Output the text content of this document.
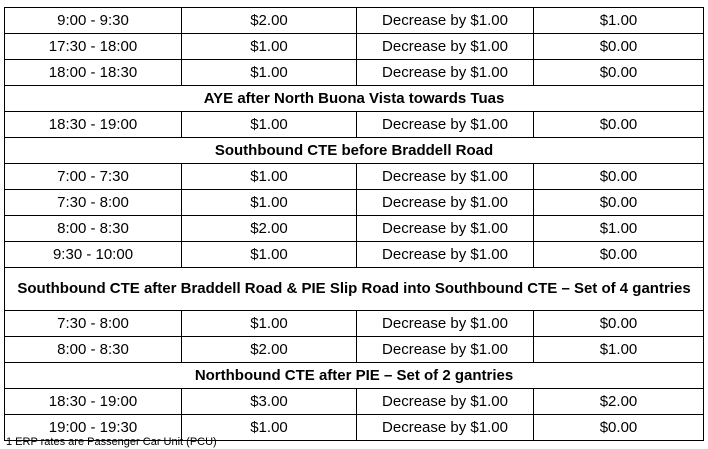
9:00 - 9:30	$2.00	Decrease by $1.00	$1.00
17:30 - 18:00	$1.00	Decrease by $1.00	$0.00
18:00 - 18:30	$1.00	Decrease by $1.00	$0.00
AYE after North Buona Vista towards Tuas			
18:30 - 19:00	$1.00	Decrease by $1.00	$0.00
Southbound CTE before Braddell Road			
7:00 - 7:30	$1.00	Decrease by $1.00	$0.00
7:30 - 8:00	$1.00	Decrease by $1.00	$0.00
8:00 - 8:30	$2.00	Decrease by $1.00	$1.00
9:30 - 10:00	$1.00	Decrease by $1.00	$0.00
Southbound CTE after Braddell Road & PIE Slip Road into Southbound CTE – Set of 4 gantries			
7:30 - 8:00	$1.00	Decrease by $1.00	$0.00
8:00 - 8:30	$2.00	Decrease by $1.00	$1.00
Northbound CTE after PIE – Set of 2 gantries			
18:30 - 19:00	$3.00	Decrease by $1.00	$2.00
19:00 - 19:30	$1.00	Decrease by $1.00	$0.00
1 ERP rates are Passenger Car Unit (PCU)
